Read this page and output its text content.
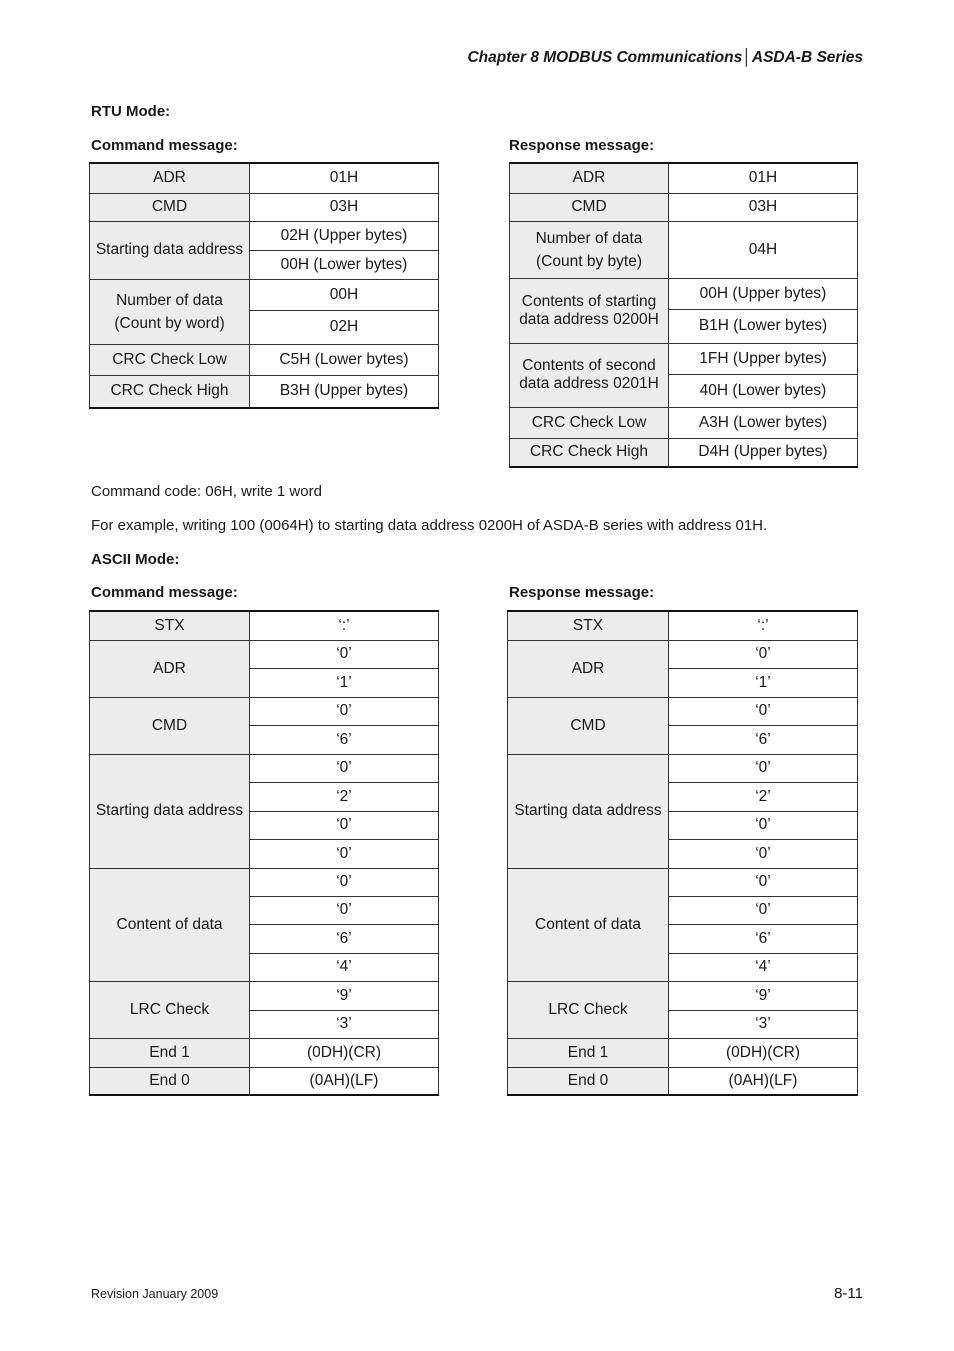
Chapter 8 MODBUS Communications│ASDA-B Series
RTU Mode:
Command message:	Response message:
ADR	01H
CMD	03H
Starting data address	02H (Upper bytes)
	00H (Lower bytes)

Number of data
(Count by word)	00H
	02H
CRC Check Low	C5H (Lower bytes)
CRC Check High	B3H (Upper bytes)
ADR	01H
CMD	03H

Number of data
(Count by byte)	04H
Contents of starting data address 0200H	00H (Upper bytes)
	B1H (Lower bytes)
Contents of second data address 0201H	1FH (Upper bytes)
	40H (Lower bytes)
CRC Check Low	A3H (Lower bytes)
CRC Check High	D4H (Upper bytes)
Command code: 06H, write 1 word
For example, writing 100 (0064H) to starting data address 0200H of ASDA-B series with address 01H.
ASCII Mode:
Command message:	Response message:
STX	‘:’
ADR	‘0’
	‘1’
CMD	‘0’
	‘6’
Starting data address	‘0’
	‘2’
	‘0’
	‘0’
Content of data	‘0’
	‘0’
	‘6’
	‘4’
LRC Check	‘9’
	‘3’
End 1	(0DH)(CR)
End 0	(0AH)(LF)
STX	‘:’
ADR	‘0’
	‘1’
CMD	‘0’
	‘6’
Starting data address	‘0’
	‘2’
	‘0’
	‘0’
Content of data	‘0’
	‘0’
	‘6’
	‘4’
LRC Check	‘9’
	‘3’
End 1	(0DH)(CR)
End 0	(0AH)(LF)
Revision January 2009	8-11
